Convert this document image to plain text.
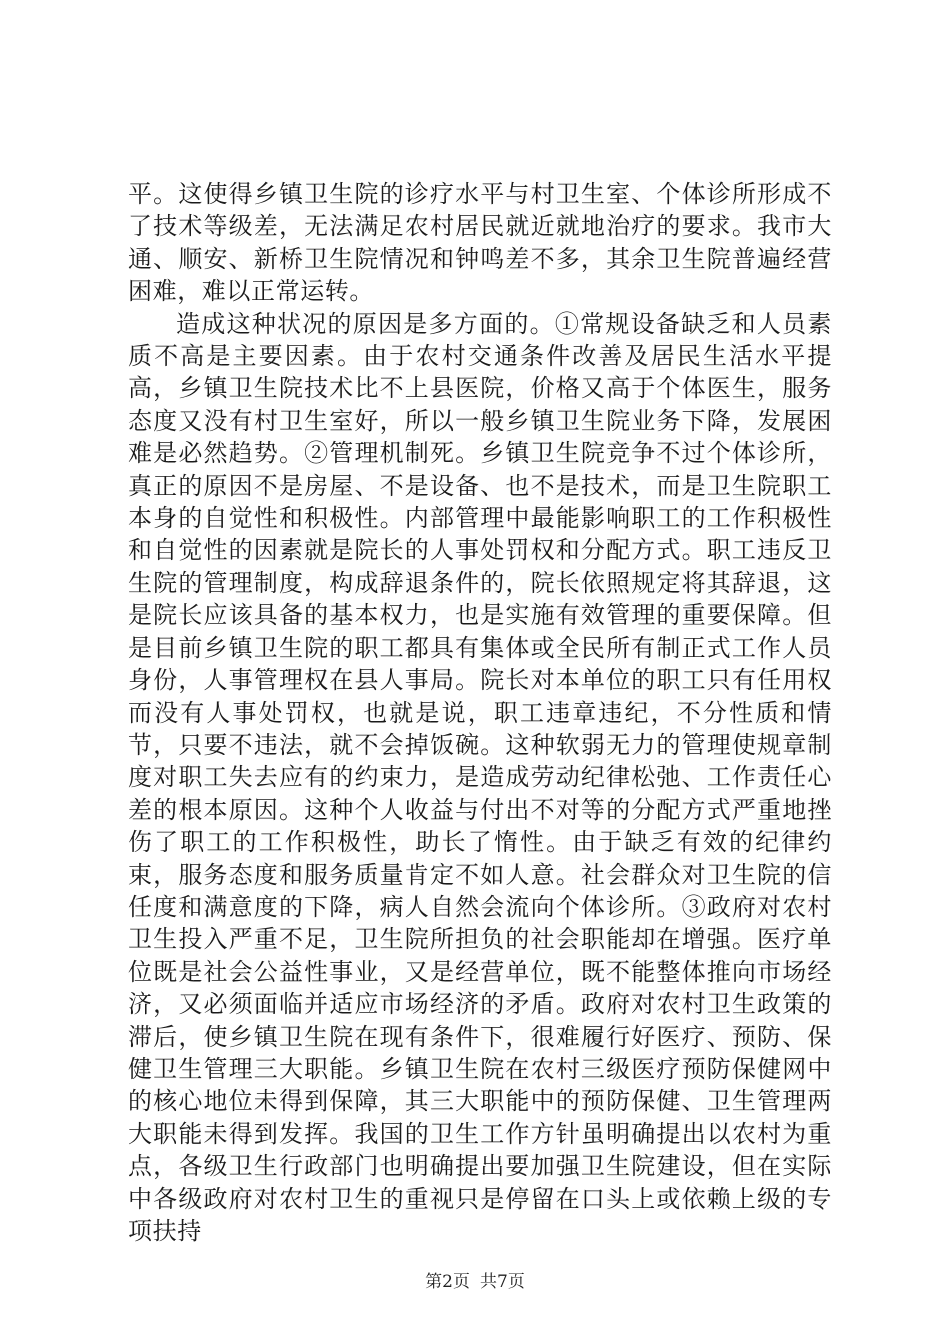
平。这使得乡镇卫生院的诊疗水平与村卫生室、个体诊所形成不了技术等级差，无法满足农村居民就近就地治疗的要求。我市大通、顺安、新桥卫生院情况和钟鸣差不多，其余卫生院普遍经营困难，难以正常运转。

造成这种状况的原因是多方面的。①常规设备缺乏和人员素质不高是主要因素。由于农村交通条件改善及居民生活水平提高，乡镇卫生院技术比不上县医院，价格又高于个体医生，服务态度又没有村卫生室好，所以一般乡镇卫生院业务下降，发展困难是必然趋势。②管理机制死。乡镇卫生院竞争不过个体诊所，真正的原因不是房屋、不是设备、也不是技术，而是卫生院职工本身的自觉性和积极性。内部管理中最能影响职工的工作积极性和自觉性的因素就是院长的人事处罚权和分配方式。职工违反卫生院的管理制度，构成辞退条件的，院长依照规定将其辞退，这是院长应该具备的基本权力，也是实施有效管理的重要保障。但是目前乡镇卫生院的职工都具有集体或全民所有制正式工作人员身份，人事管理权在县人事局。院长对本单位的职工只有任用权而没有人事处罚权，也就是说，职工违章违纪，不分性质和情节，只要不违法，就不会掉饭碗。这种软弱无力的管理使规章制度对职工失去应有的约束力，是造成劳动纪律松弛、工作责任心差的根本原因。这种个人收益与付出不对等的分配方式严重地挫伤了职工的工作积极性，助长了惰性。由于缺乏有效的纪律约束，服务态度和服务质量肯定不如人意。社会群众对卫生院的信任度和满意度的下降，病人自然会流向个体诊所。③政府对农村卫生投入严重不足，卫生院所担负的社会职能却在增强。医疗单位既是社会公益性事业，又是经营单位，既不能整体推向市场经济，又必须面临并适应市场经济的矛盾。政府对农村卫生政策的滞后，使乡镇卫生院在现有条件下，很难履行好医疗、预防、保健卫生管理三大职能。乡镇卫生院在农村三级医疗预防保健网中的核心地位未得到保障，其三大职能中的预防保健、卫生管理两大职能未得到发挥。我国的卫生工作方针虽明确提出以农村为重点，各级卫生行政部门也明确提出要加强卫生院建设，但在实际中各级政府对农村卫生的重视只是停留在口头上或依赖上级的专项扶持

第2页 共7页
